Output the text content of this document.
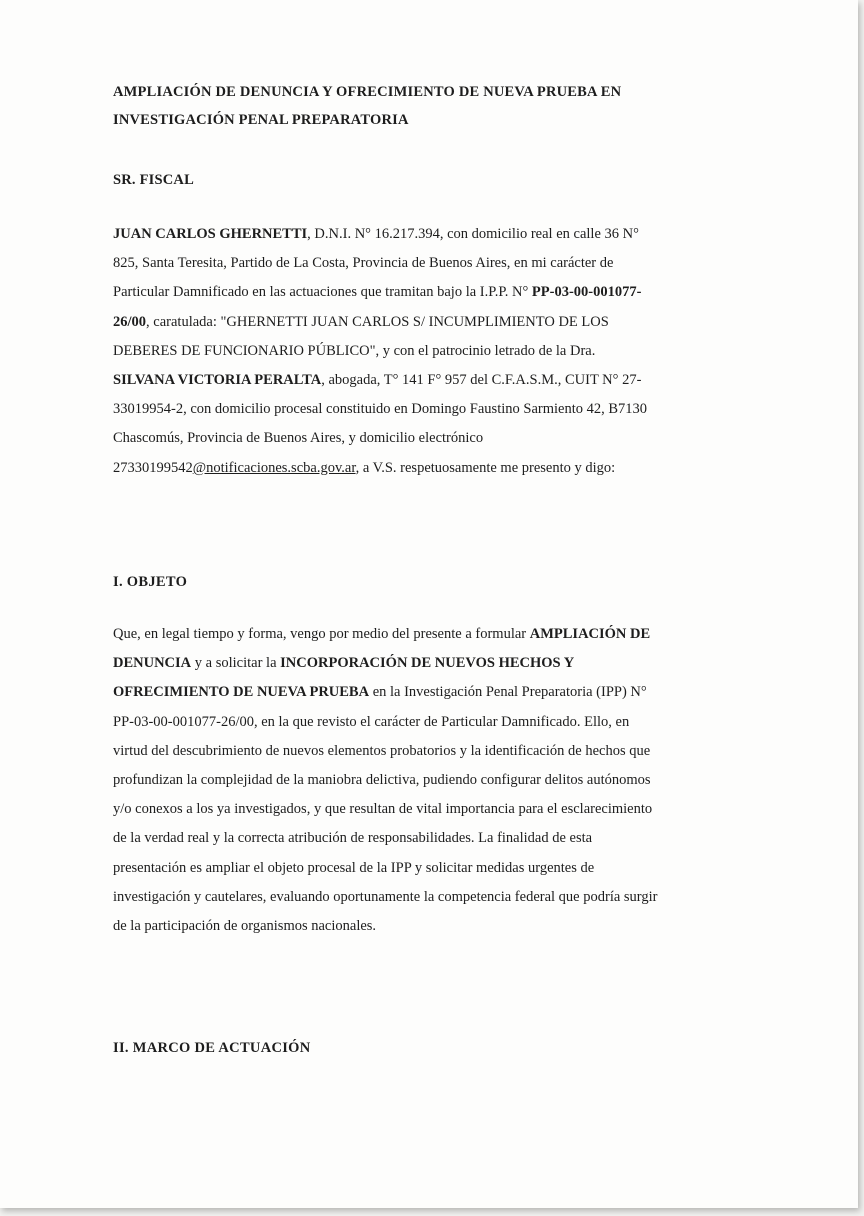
AMPLIACIÓN DE DENUNCIA Y OFRECIMIENTO DE NUEVA PRUEBA EN
INVESTIGACIÓN PENAL PREPARATORIA
SR. FISCAL
JUAN CARLOS GHERNETTI, D.N.I. N° 16.217.394, con domicilio real en calle 36 N°
825, Santa Teresita, Partido de La Costa, Provincia de Buenos Aires, en mi carácter de
Particular Damnificado en las actuaciones que tramitan bajo la I.P.P. N° PP-03-00-001077-
26/00, caratulada: "GHERNETTI JUAN CARLOS S/ INCUMPLIMIENTO DE LOS
DEBERES DE FUNCIONARIO PÚBLICO", y con el patrocinio letrado de la Dra.
SILVANA VICTORIA PERALTA, abogada, T° 141 F° 957 del C.F.A.S.M., CUIT N° 27-
33019954-2, con domicilio procesal constituido en Domingo Faustino Sarmiento 42, B7130
Chascomús, Provincia de Buenos Aires, y domicilio electrónico
27330199542@notificaciones.scba.gov.ar, a V.S. respetuosamente me presento y digo:
I. OBJETO
Que, en legal tiempo y forma, vengo por medio del presente a formular AMPLIACIÓN DE
DENUNCIA y a solicitar la INCORPORACIÓN DE NUEVOS HECHOS Y
OFRECIMIENTO DE NUEVA PRUEBA en la Investigación Penal Preparatoria (IPP) N°
PP-03-00-001077-26/00, en la que revisto el carácter de Particular Damnificado. Ello, en
virtud del descubrimiento de nuevos elementos probatorios y la identificación de hechos que
profundizan la complejidad de la maniobra delictiva, pudiendo configurar delitos autónomos
y/o conexos a los ya investigados, y que resultan de vital importancia para el esclarecimiento
de la verdad real y la correcta atribución de responsabilidades. La finalidad de esta
presentación es ampliar el objeto procesal de la IPP y solicitar medidas urgentes de
investigación y cautelares, evaluando oportunamente la competencia federal que podría surgir
de la participación de organismos nacionales.
II. MARCO DE ACTUACIÓN
